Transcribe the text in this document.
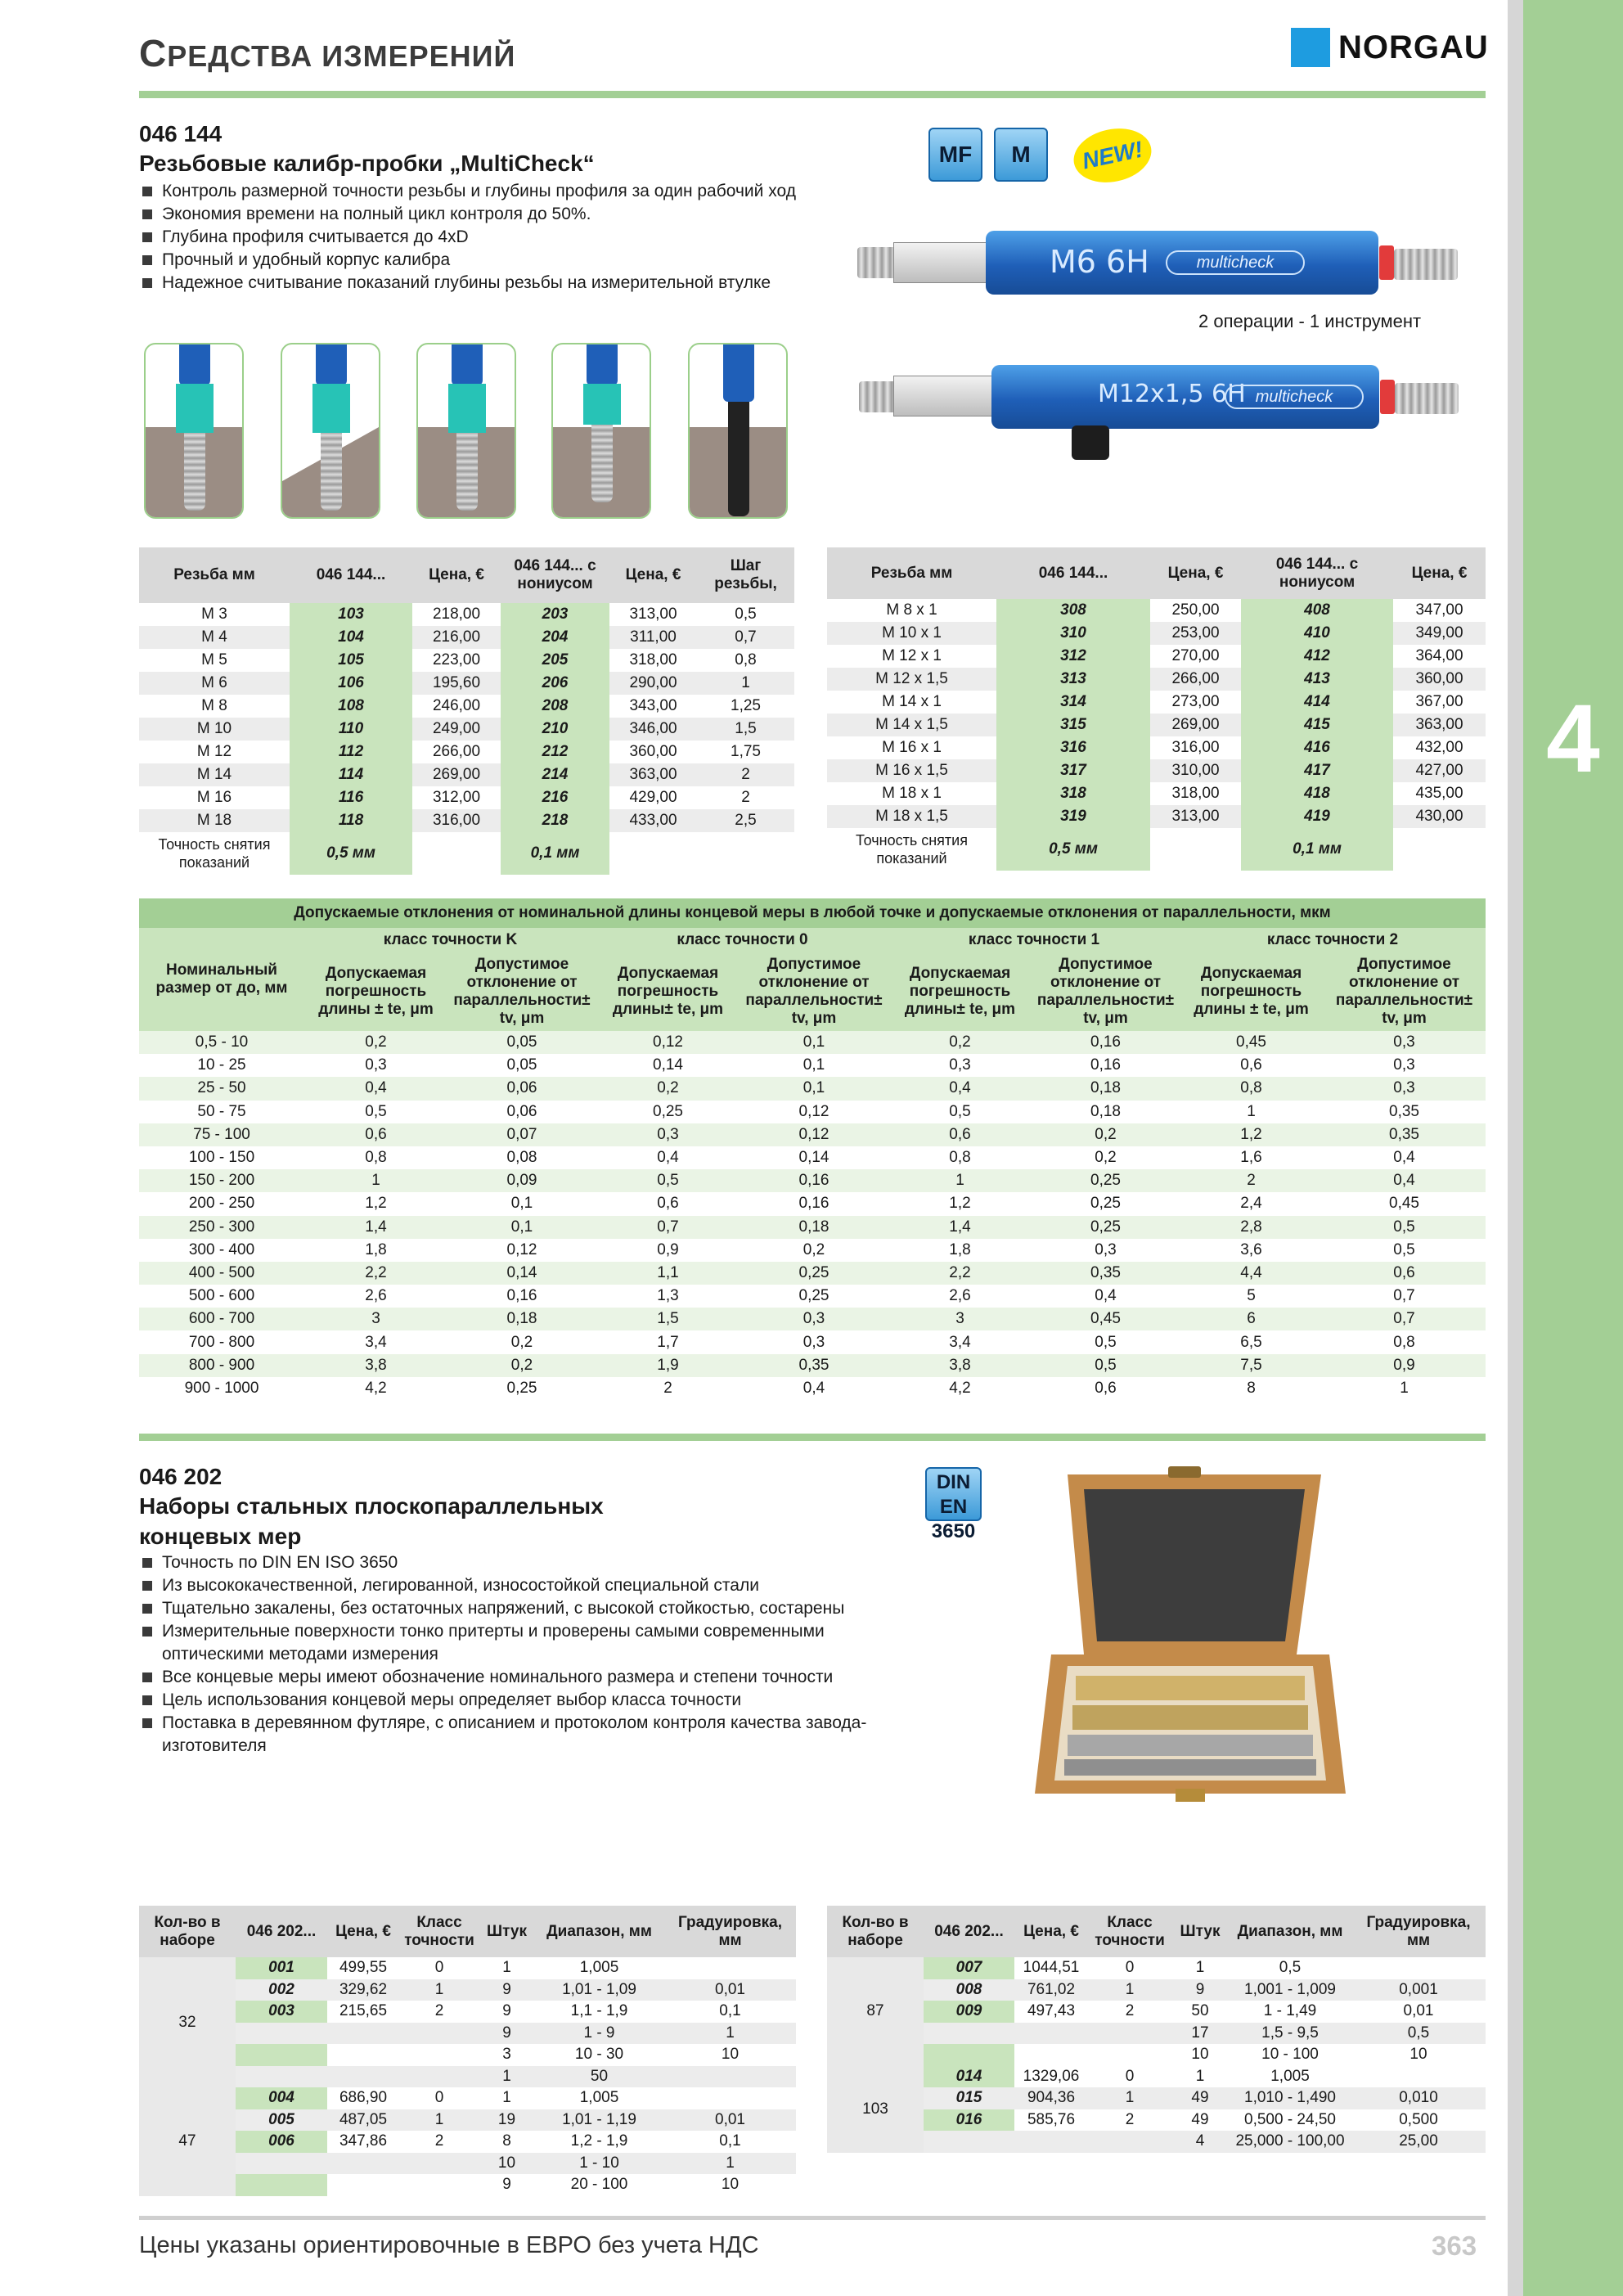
4
СРЕДСТВА ИЗМЕРЕНИЙ	NORGAU
046 144
Резьбовые калибр-пробки „MultiCheck“
Контроль размерной точности резьбы и глубины профиля за один рабочий ход
Экономия времени на полный цикл контроля до 50%.
Глубина профиля считывается до 4xD
Прочный и удобный корпус калибра
Надежное считывание показаний глубины резьбы на измерительной втулке
MF	M	NEW!
M6 6H	multicheck
2 операции - 1 инструмент
M12x1,5 6H multicheck
Резьба мм	046 144...	Цена, €	046 144... с нониусом	Цена, €	Шаг резьбы,
M 3	103	218,00	203	313,00	0,5
M 4	104	216,00	204	311,00	0,7
M 5	105	223,00	205	318,00	0,8
M 6	106	195,60	206	290,00	1
M 8	108	246,00	208	343,00	1,25
M 10	110	249,00	210	346,00	1,5
M 12	112	266,00	212	360,00	1,75
M 14	114	269,00	214	363,00	2
M 16	116	312,00	216	429,00	2
M 18	118	316,00	218	433,00	2,5
Точность снятия показаний	0,5 мм		0,1 мм		
Резьба мм	046 144...	Цена, €	046 144... с нониусом	Цена, €
M 8 x 1	308	250,00	408	347,00
M 10 x 1	310	253,00	410	349,00
M 12 x 1	312	270,00	412	364,00
M 12 x 1,5	313	266,00	413	360,00
M 14 x 1	314	273,00	414	367,00
M 14 x 1,5	315	269,00	415	363,00
M 16 x 1	316	316,00	416	432,00
M 16 x 1,5	317	310,00	417	427,00
M 18 x 1	318	318,00	418	435,00
M 18 x 1,5	319	313,00	419	430,00
Точность снятия показаний	0,5 мм		0,1 мм	
Допускаемые отклонения от номинальной длины концевой меры в любой точке и допускаемые отклонения от параллельности, мкм								
Номинальный размер от до, мм	класс точности K		класс точности 0		класс точности 1		класс точности 2	
	Допускаемая погрешность длины ± te, μm	Допустимое отклонение от параллельности± tv, μm	Допускаемая погрешность длины± te, μm	Допустимое отклонение от параллельности± tv, μm	Допускаемая погрешность длины± te, μm	Допустимое отклонение от параллельности± tv, μm	Допускаемая погрешность длины ± te, μm	Допустимое отклонение от параллельности± tv, μm
0,5 - 10	0,2	0,05	0,12	0,1	0,2	0,16	0,45	0,3
10 - 25	0,3	0,05	0,14	0,1	0,3	0,16	0,6	0,3
25 - 50	0,4	0,06	0,2	0,1	0,4	0,18	0,8	0,3
50 - 75	0,5	0,06	0,25	0,12	0,5	0,18	1	0,35
75 - 100	0,6	0,07	0,3	0,12	0,6	0,2	1,2	0,35
100 - 150	0,8	0,08	0,4	0,14	0,8	0,2	1,6	0,4
150 - 200	1	0,09	0,5	0,16	1	0,25	2	0,4
200 - 250	1,2	0,1	0,6	0,16	1,2	0,25	2,4	0,45
250 - 300	1,4	0,1	0,7	0,18	1,4	0,25	2,8	0,5
300 - 400	1,8	0,12	0,9	0,2	1,8	0,3	3,6	0,5
400 - 500	2,2	0,14	1,1	0,25	2,2	0,35	4,4	0,6
500 - 600	2,6	0,16	1,3	0,25	2,6	0,4	5	0,7
600 - 700	3	0,18	1,5	0,3	3	0,45	6	0,7
700 - 800	3,4	0,2	1,7	0,3	3,4	0,5	6,5	0,8
800 - 900	3,8	0,2	1,9	0,35	3,8	0,5	7,5	0,9
900 - 1000	4,2	0,25	2	0,4	4,2	0,6	8	1
046 202
Наборы стальных плоскопараллельных концевых мер
DIN EN
3650
Точность по DIN EN ISO 3650
Из высококачественной, легированной, износостойкой специальной стали
Тщательно закалены, без остаточных напряжений, с высокой стойкостью, состарены
Измерительные поверхности тонко притерты и проверены самыми современными оптическими методами измерения
Все концевые меры имеют обозначение номинального размера и степени точности
Цель использования концевой меры определяет выбор класса точности
Поставка в деревянном футляре, с описанием и протоколом контроля качества завода-изготовителя
Кол-во в наборе	046 202...	Цена, €	Класс точности	Штук	Диапазон, мм	Градуировка, мм
32	001	499,55	0	1	1,005	
	002	329,62	1	9	1,01 - 1,09	0,01
	003	215,65	2	9	1,1 - 1,9	0,1
				9	1 - 9	1
				3	10 - 30	10
				1	50	
47	004	686,90	0	1	1,005	
	005	487,05	1	19	1,01 - 1,19	0,01
	006	347,86	2	8	1,2 - 1,9	0,1
				10	1 - 10	1
				9	20 - 100	10
Кол-во в наборе	046 202...	Цена, €	Класс точности	Штук	Диапазон, мм	Градуировка, мм
87	007	1044,51	0	1	0,5	
	008	761,02	1	9	1,001 - 1,009	0,001
	009	497,43	2	50	1 - 1,49	0,01
				17	1,5 - 9,5	0,5
				10	10 - 100	10
103	014	1329,06	0	1	1,005	
	015	904,36	1	49	1,010 - 1,490	0,010
	016	585,76	2	49	0,500 - 24,50	0,500
				4	25,000 - 100,00	25,00
Цены указаны ориентировочные в ЕВРО без учета НДС	363
